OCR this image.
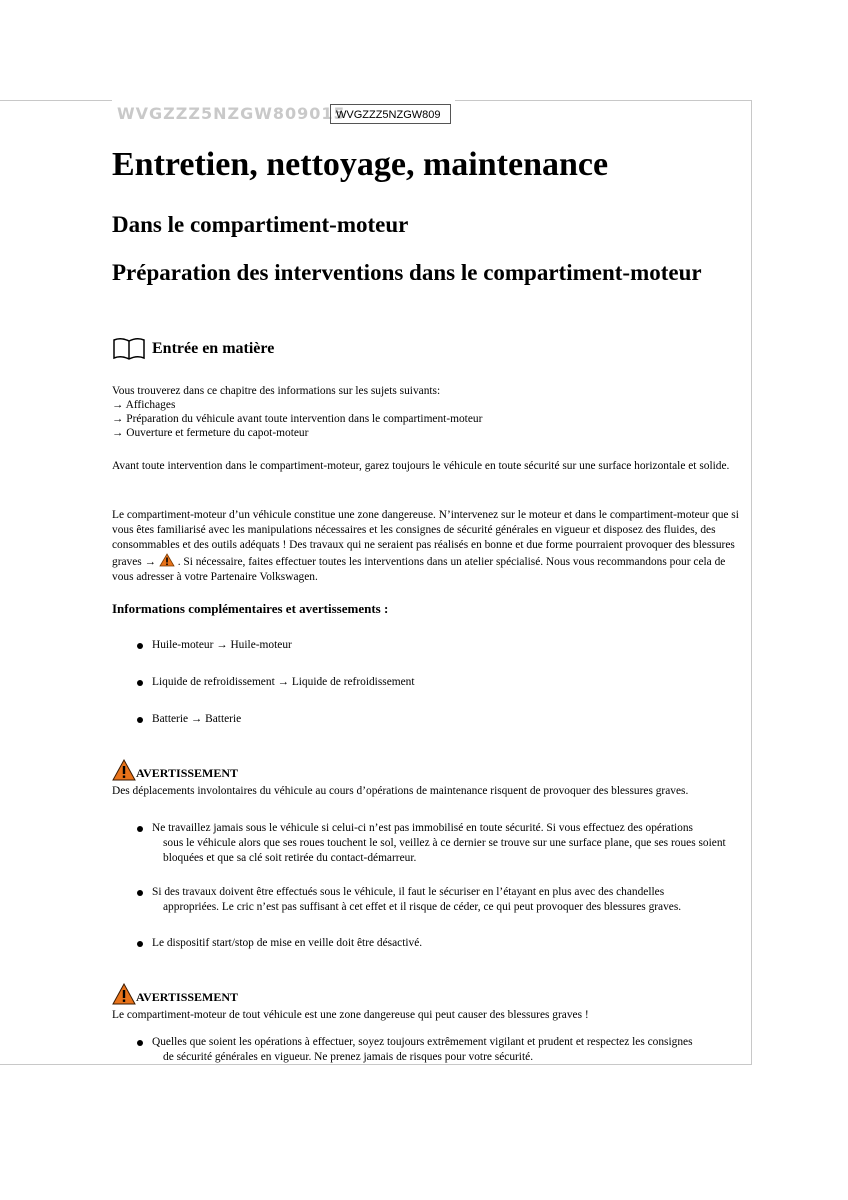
WVGZZZ5NZGW809015
WVGZZZ5NZGW809
Entretien, nettoyage, maintenance
Dans le compartiment-moteur
Préparation des interventions dans le compartiment-moteur
Entrée en matière

Vous trouverez dans ce chapitre des informations sur les sujets suivants:

→ Affichages

→ Préparation du véhicule avant toute intervention dans le compartiment-moteur

→ Ouverture et fermeture du capot-moteur

Avant toute intervention dans le compartiment-moteur, garez toujours le véhicule en toute sécurité sur une surface horizontale et solide.

Le compartiment-moteur d’un véhicule constitue une zone dangereuse. N’intervenez sur le moteur et dans le compartiment-moteur que si vous êtes familiarisé avec les manipulations nécessaires et les consignes de sécurité générales en vigueur et disposez des fluides, des consommables et des outils adéquats ! Des travaux qui ne seraient pas réalisés en bonne et due forme pourraient provoquer des blessures graves → . Si nécessaire, faites effectuer toutes les interventions dans un atelier spécialisé. Nous vous recommandons pour cela de vous adresser à votre Partenaire Volkswagen.

Informations complémentaires et avertissements :
Huile-moteur → Huile-moteur
Liquide de refroidissement → Liquide de refroidissement
Batterie → Batterie
AVERTISSEMENT
Des déplacements involontaires du véhicule au cours d’opérations de maintenance risquent de provoquer des blessures graves.
Ne travaillez jamais sous le véhicule si celui-ci n’est pas immobilisé en toute sécurité. Si vous effectuez des opérations
sous le véhicule alors que ses roues touchent le sol, veillez à ce dernier se trouve sur une surface plane, que ses roues soient bloquées et que sa clé soit retirée du contact-démarreur.
Si des travaux doivent être effectués sous le véhicule, il faut le sécuriser en l’étayant en plus avec des chandelles
appropriées. Le cric n’est pas suffisant à cet effet et il risque de céder, ce qui peut provoquer des blessures graves.
Le dispositif start/stop de mise en veille doit être désactivé.
AVERTISSEMENT
Le compartiment-moteur de tout véhicule est une zone dangereuse qui peut causer des blessures graves !
Quelles que soient les opérations à effectuer, soyez toujours extrêmement vigilant et prudent et respectez les consignes
de sécurité générales en vigueur. Ne prenez jamais de risques pour votre sécurité.
